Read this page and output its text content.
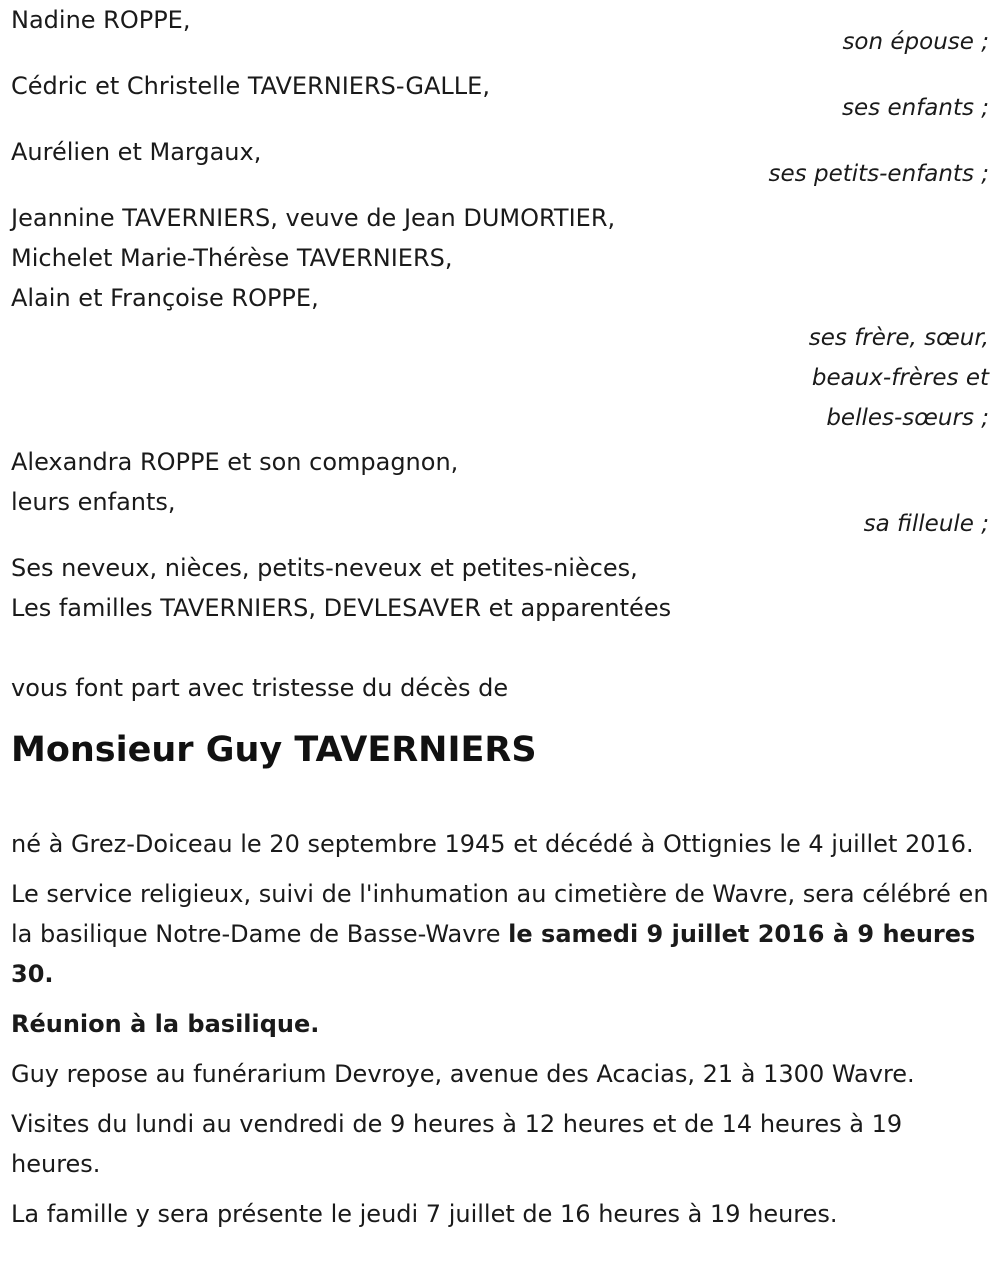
Nadine ROPPE,
son épouse ;
Cédric et Christelle TAVERNIERS-GALLE,
ses enfants ;
Aurélien et Margaux,
ses petits-enfants ;
Jeannine TAVERNIERS, veuve de Jean DUMORTIER,
Michelet Marie-Thérèse TAVERNIERS,
Alain et Françoise ROPPE,
ses frère, sœur,
beaux-frères et
belles-sœurs ;
Alexandra ROPPE et son compagnon,
leurs enfants,
sa filleule ;
Ses neveux, nièces, petits-neveux et petites-nièces,
Les familles TAVERNIERS, DEVLESAVER et apparentées
vous font part avec tristesse du décès de
Monsieur Guy TAVERNIERS

né à Grez-Doiceau le 20 septembre 1945 et décédé à Ottignies le 4 juillet 2016.

Le service religieux, suivi de l'inhumation au cimetière de Wavre, sera célébré en la basilique Notre-Dame de Basse-Wavre le samedi 9 juillet 2016 à 9 heures 30.

Réunion à la basilique.

Guy repose au funérarium Devroye, avenue des Acacias, 21 à 1300 Wavre.

Visites du lundi au vendredi de 9 heures à 12 heures et de 14 heures à 19 heures.

La famille y sera présente le jeudi 7 juillet de 16 heures à 19 heures.
